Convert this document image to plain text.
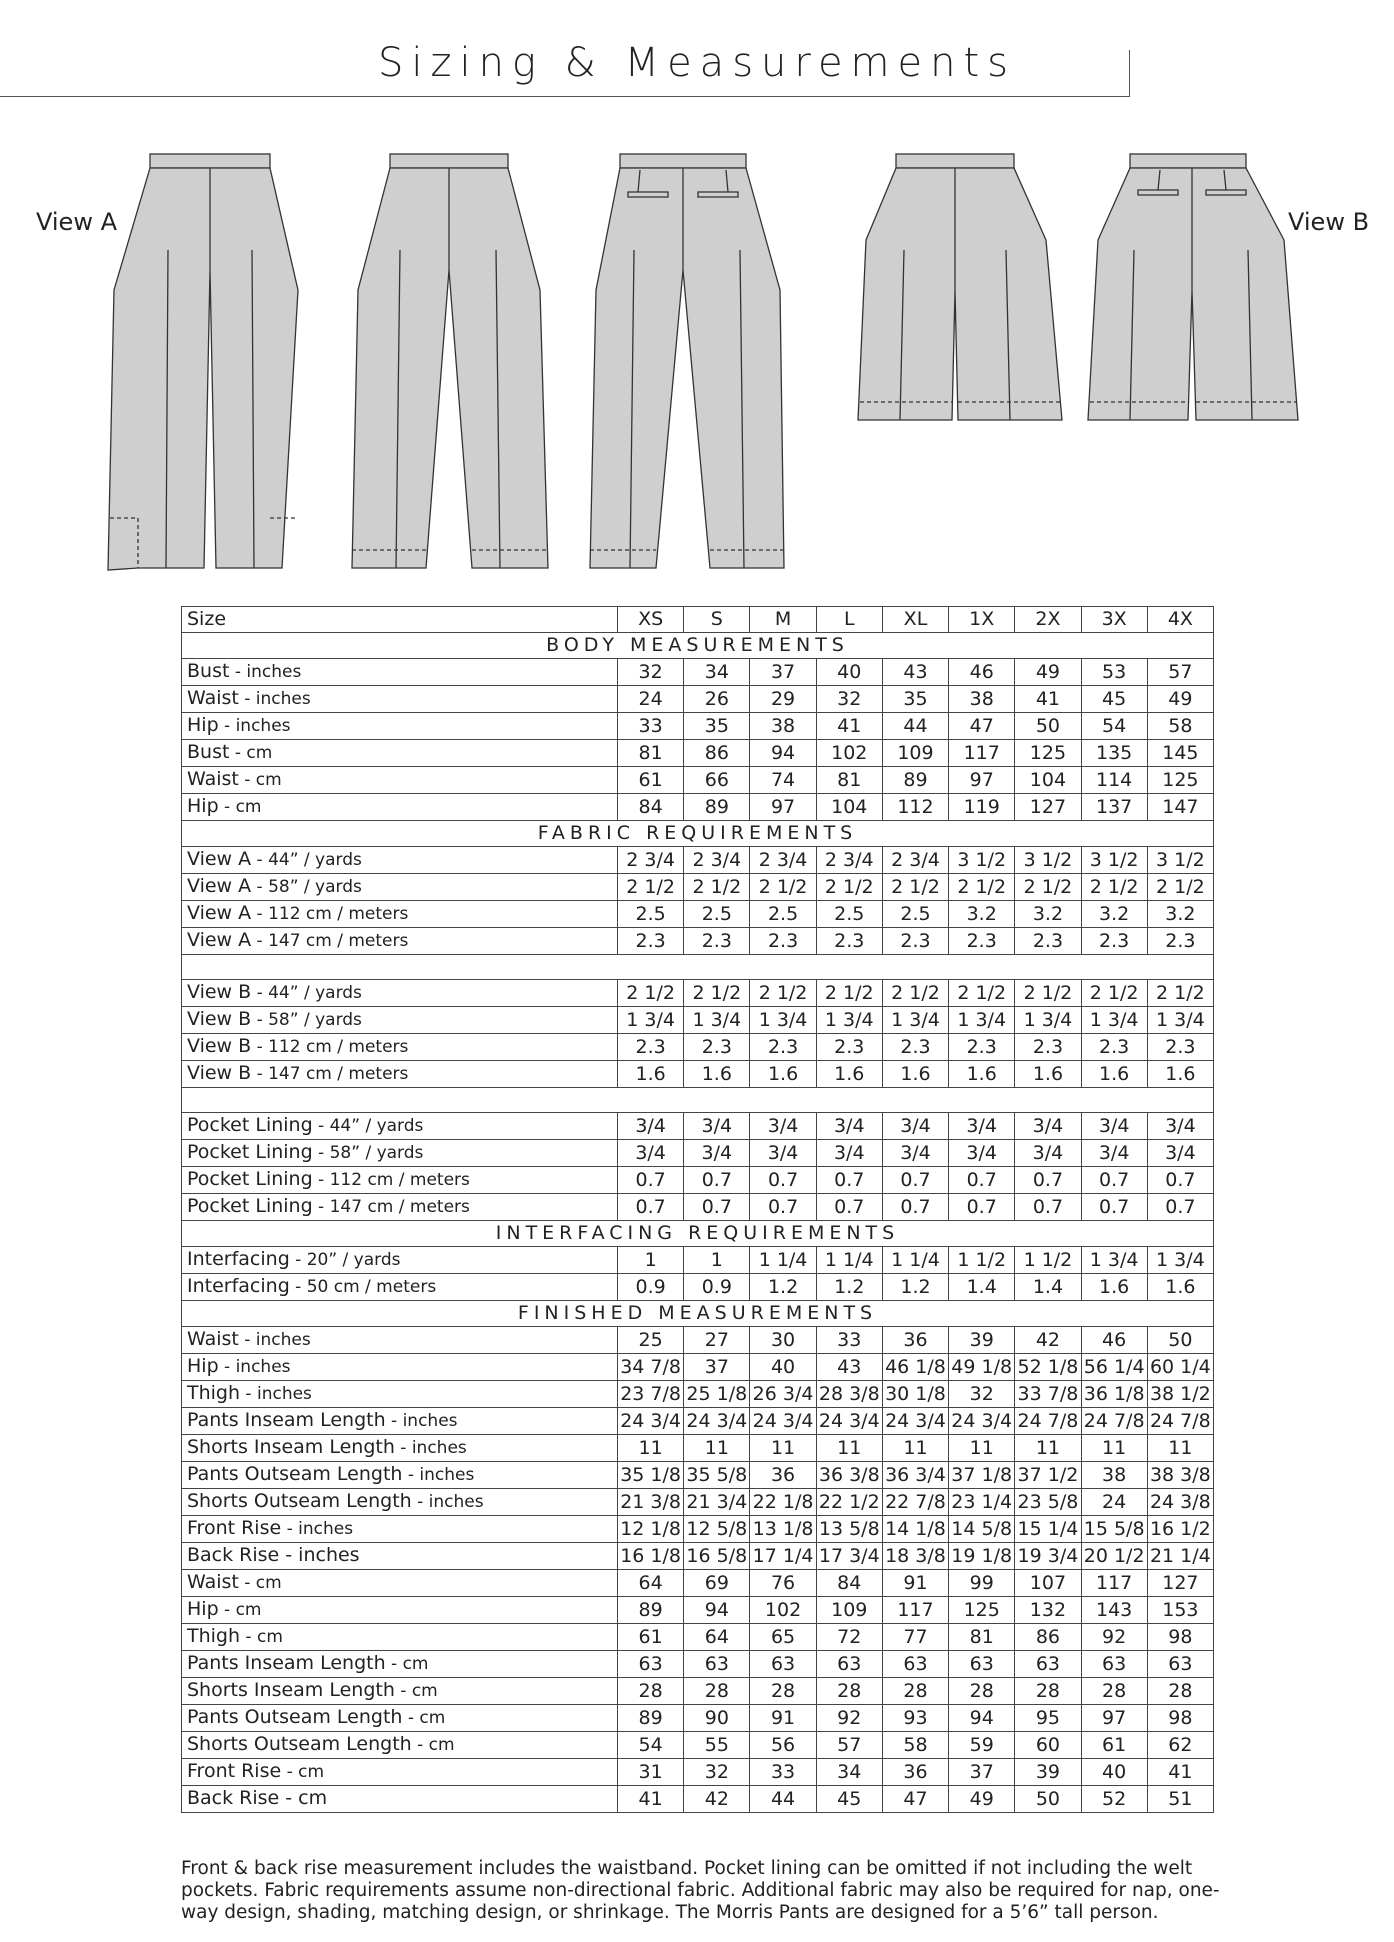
Sizing & Measurements
View A	View B
Size	XS	S	M	L	XL	1X	2X	3X	4X
BODY MEASUREMENTS									
Bust - inches	32	34	37	40	43	46	49	53	57
Waist - inches	24	26	29	32	35	38	41	45	49
Hip - inches	33	35	38	41	44	47	50	54	58
Bust - cm	81	86	94	102	109	117	125	135	145
Waist - cm	61	66	74	81	89	97	104	114	125
Hip - cm	84	89	97	104	112	119	127	137	147
FABRIC REQUIREMENTS									
View A - 44” / yards	2 3/4	2 3/4	2 3/4	2 3/4	2 3/4	3 1/2	3 1/2	3 1/2	3 1/2
View A - 58” / yards	2 1/2	2 1/2	2 1/2	2 1/2	2 1/2	2 1/2	2 1/2	2 1/2	2 1/2
View A - 112 cm / meters	2.5	2.5	2.5	2.5	2.5	3.2	3.2	3.2	3.2
View A - 147 cm / meters	2.3	2.3	2.3	2.3	2.3	2.3	2.3	2.3	2.3

View B - 44” / yards	2 1/2	2 1/2	2 1/2	2 1/2	2 1/2	2 1/2	2 1/2	2 1/2	2 1/2
View B - 58” / yards	1 3/4	1 3/4	1 3/4	1 3/4	1 3/4	1 3/4	1 3/4	1 3/4	1 3/4
View B - 112 cm / meters	2.3	2.3	2.3	2.3	2.3	2.3	2.3	2.3	2.3
View B - 147 cm / meters	1.6	1.6	1.6	1.6	1.6	1.6	1.6	1.6	1.6

Pocket Lining - 44” / yards	3/4	3/4	3/4	3/4	3/4	3/4	3/4	3/4	3/4
Pocket Lining - 58” / yards	3/4	3/4	3/4	3/4	3/4	3/4	3/4	3/4	3/4
Pocket Lining - 112 cm / meters	0.7	0.7	0.7	0.7	0.7	0.7	0.7	0.7	0.7
Pocket Lining - 147 cm / meters	0.7	0.7	0.7	0.7	0.7	0.7	0.7	0.7	0.7
INTERFACING REQUIREMENTS									
Interfacing - 20” / yards	1	1	1 1/4	1 1/4	1 1/4	1 1/2	1 1/2	1 3/4	1 3/4
Interfacing - 50 cm / meters	0.9	0.9	1.2	1.2	1.2	1.4	1.4	1.6	1.6
FINISHED MEASUREMENTS									
Waist - inches	25	27	30	33	36	39	42	46	50
Hip - inches	34 7/8	37	40	43	46 1/8	49 1/8	52 1/8	56 1/4	60 1/4
Thigh - inches	23 7/8	25 1/8	26 3/4	28 3/8	30 1/8	32	33 7/8	36 1/8	38 1/2
Pants Inseam Length - inches	24 3/4	24 3/4	24 3/4	24 3/4	24 3/4	24 3/4	24 7/8	24 7/8	24 7/8
Shorts Inseam Length - inches	11	11	11	11	11	11	11	11	11
Pants Outseam Length - inches	35 1/8	35 5/8	36	36 3/8	36 3/4	37 1/8	37 1/2	38	38 3/8
Shorts Outseam Length - inches	21 3/8	21 3/4	22 1/8	22 1/2	22 7/8	23 1/4	23 5/8	24	24 3/8
Front Rise - inches	12 1/8	12 5/8	13 1/8	13 5/8	14 1/8	14 5/8	15 1/4	15 5/8	16 1/2
Back Rise - inches	16 1/8	16 5/8	17 1/4	17 3/4	18 3/8	19 1/8	19 3/4	20 1/2	21 1/4
Waist - cm	64	69	76	84	91	99	107	117	127
Hip - cm	89	94	102	109	117	125	132	143	153
Thigh - cm	61	64	65	72	77	81	86	92	98
Pants Inseam Length - cm	63	63	63	63	63	63	63	63	63
Shorts Inseam Length - cm	28	28	28	28	28	28	28	28	28
Pants Outseam Length - cm	89	90	91	92	93	94	95	97	98
Shorts Outseam Length - cm	54	55	56	57	58	59	60	61	62
Front Rise - cm	31	32	33	34	36	37	39	40	41
Back Rise - cm	41	42	44	45	47	49	50	52	51
Front & back rise measurement includes the waistband. Pocket lining can be omitted if not including the welt pockets. Fabric requirements assume non-directional fabric. Additional fabric may also be required for nap, one-way design, shading, matching design, or shrinkage. The Morris Pants are designed for a 5’6” tall person.
